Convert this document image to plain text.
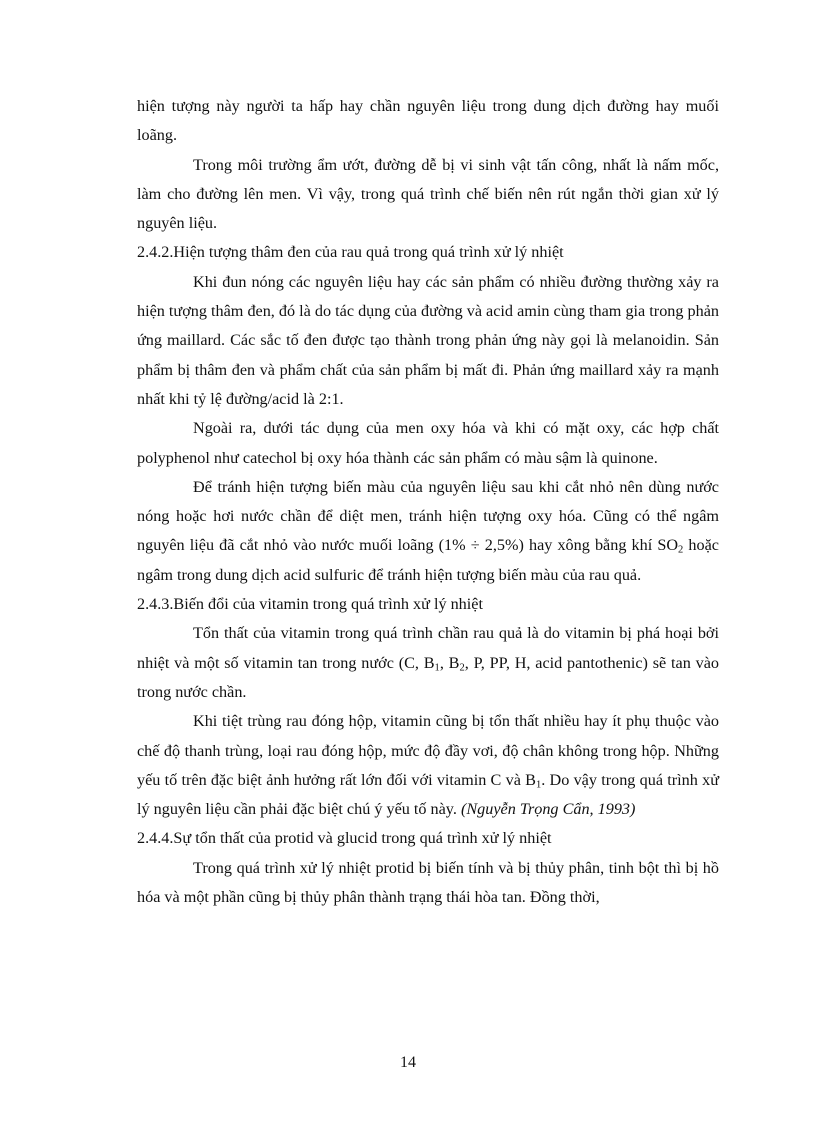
hiện tượng này người ta hấp hay chần nguyên liệu trong dung dịch đường hay muối loãng.

Trong môi trường ẩm ướt, đường dễ bị vi sinh vật tấn công, nhất là nấm mốc, làm cho đường lên men. Vì vậy, trong quá trình chế biến nên rút ngắn thời gian xử lý nguyên liệu.

2.4.2.Hiện tượng thâm đen của rau quả trong quá trình xử lý nhiệt

Khi đun nóng các nguyên liệu hay các sản phẩm có nhiều đường thường xảy ra hiện tượng thâm đen, đó là do tác dụng của đường và acid amin cùng tham gia trong phản ứng maillard. Các sắc tố đen được tạo thành trong phản ứng này gọi là melanoidin. Sản phẩm bị thâm đen và phẩm chất của sản phẩm bị mất đi. Phản ứng maillard xảy ra mạnh nhất khi tỷ lệ đường/acid là 2:1.

Ngoài ra, dưới tác dụng của men oxy hóa và khi có mặt oxy, các hợp chất polyphenol như catechol bị oxy hóa thành các sản phẩm có màu sậm là quinone.

Để tránh hiện tượng biến màu của nguyên liệu sau khi cắt nhỏ nên dùng nước nóng hoặc hơi nước chần để diệt men, tránh hiện tượng oxy hóa. Cũng có thể ngâm nguyên liệu đã cắt nhỏ vào nước muối loãng (1% ÷ 2,5%) hay xông bằng khí $SO_2$ hoặc ngâm trong dung dịch acid sulfuric để tránh hiện tượng biến màu của rau quả.

2.4.3.Biến đổi của vitamin trong quá trình xử lý nhiệt

Tổn thất của vitamin trong quá trình chần rau quả là do vitamin bị phá hoại bởi nhiệt và một số vitamin tan trong nước (C, $B_1$, $B_2$, P, PP, H, acid pantothenic) sẽ tan vào trong nước chần.

Khi tiệt trùng rau đóng hộp, vitamin cũng bị tổn thất nhiều hay ít phụ thuộc vào chế độ thanh trùng, loại rau đóng hộp, mức độ đầy vơi, độ chân không trong hộp. Những yếu tố trên đặc biệt ảnh hưởng rất lớn đối với vitamin C và $B_1$. Do vậy trong quá trình xử lý nguyên liệu cần phải đặc biệt chú ý yếu tố này. (Nguyễn Trọng Cẩn, 1993)

2.4.4.Sự tổn thất của protid và glucid trong quá trình xử lý nhiệt

Trong quá trình xử lý nhiệt protid bị biến tính và bị thủy phân, tinh bột thì bị hồ hóa và một phần cũng bị thủy phân thành trạng thái hòa tan. Đồng thời,

14
